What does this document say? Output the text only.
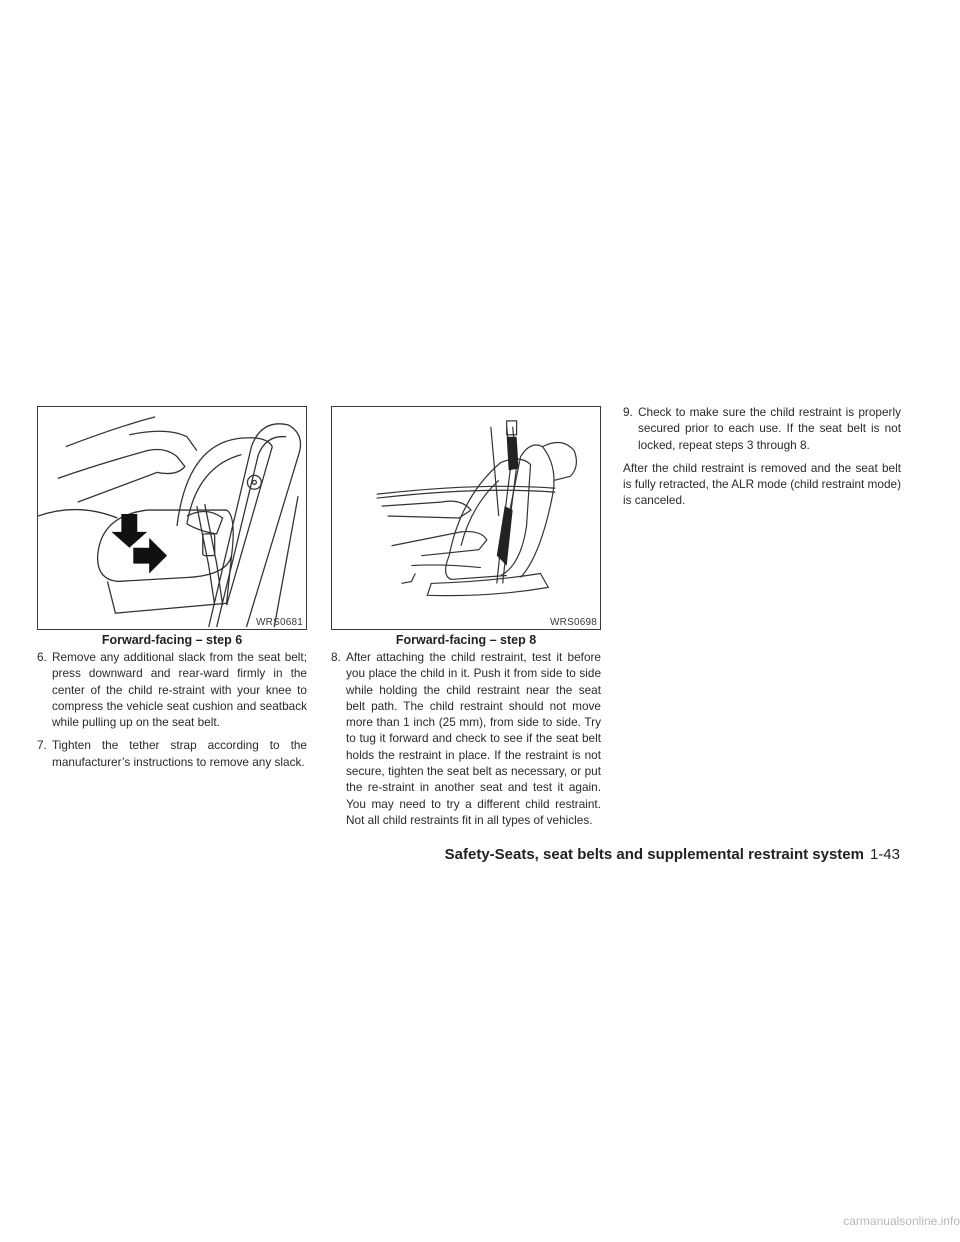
WRS0681
Forward-facing – step 6
6. Remove any additional slack from the seat belt; press downward and rear-ward firmly in the center of the child re-straint with your knee to compress the vehicle seat cushion and seatback while pulling up on the seat belt.
7. Tighten the tether strap according to the manufacturer’s instructions to remove any slack.
WRS0698
Forward-facing – step 8
8. After attaching the child restraint, test it before you place the child in it. Push it from side to side while holding the child restraint near the seat belt path. The child restraint should not move more than 1 inch (25 mm), from side to side. Try to tug it forward and check to see if the seat belt holds the restraint in place. If the restraint is not secure, tighten the seat belt as necessary, or put the re-straint in another seat and test it again. You may need to try a different child restraint. Not all child restraints fit in all types of vehicles.
9. Check to make sure the child restraint is properly secured prior to each use. If the seat belt is not locked, repeat steps 3 through 8.

After the child restraint is removed and the seat belt is fully retracted, the ALR mode (child restraint mode) is canceled.

Safety-Seats, seat belts and supplemental restraint system 1-43
carmanualsonline.info
